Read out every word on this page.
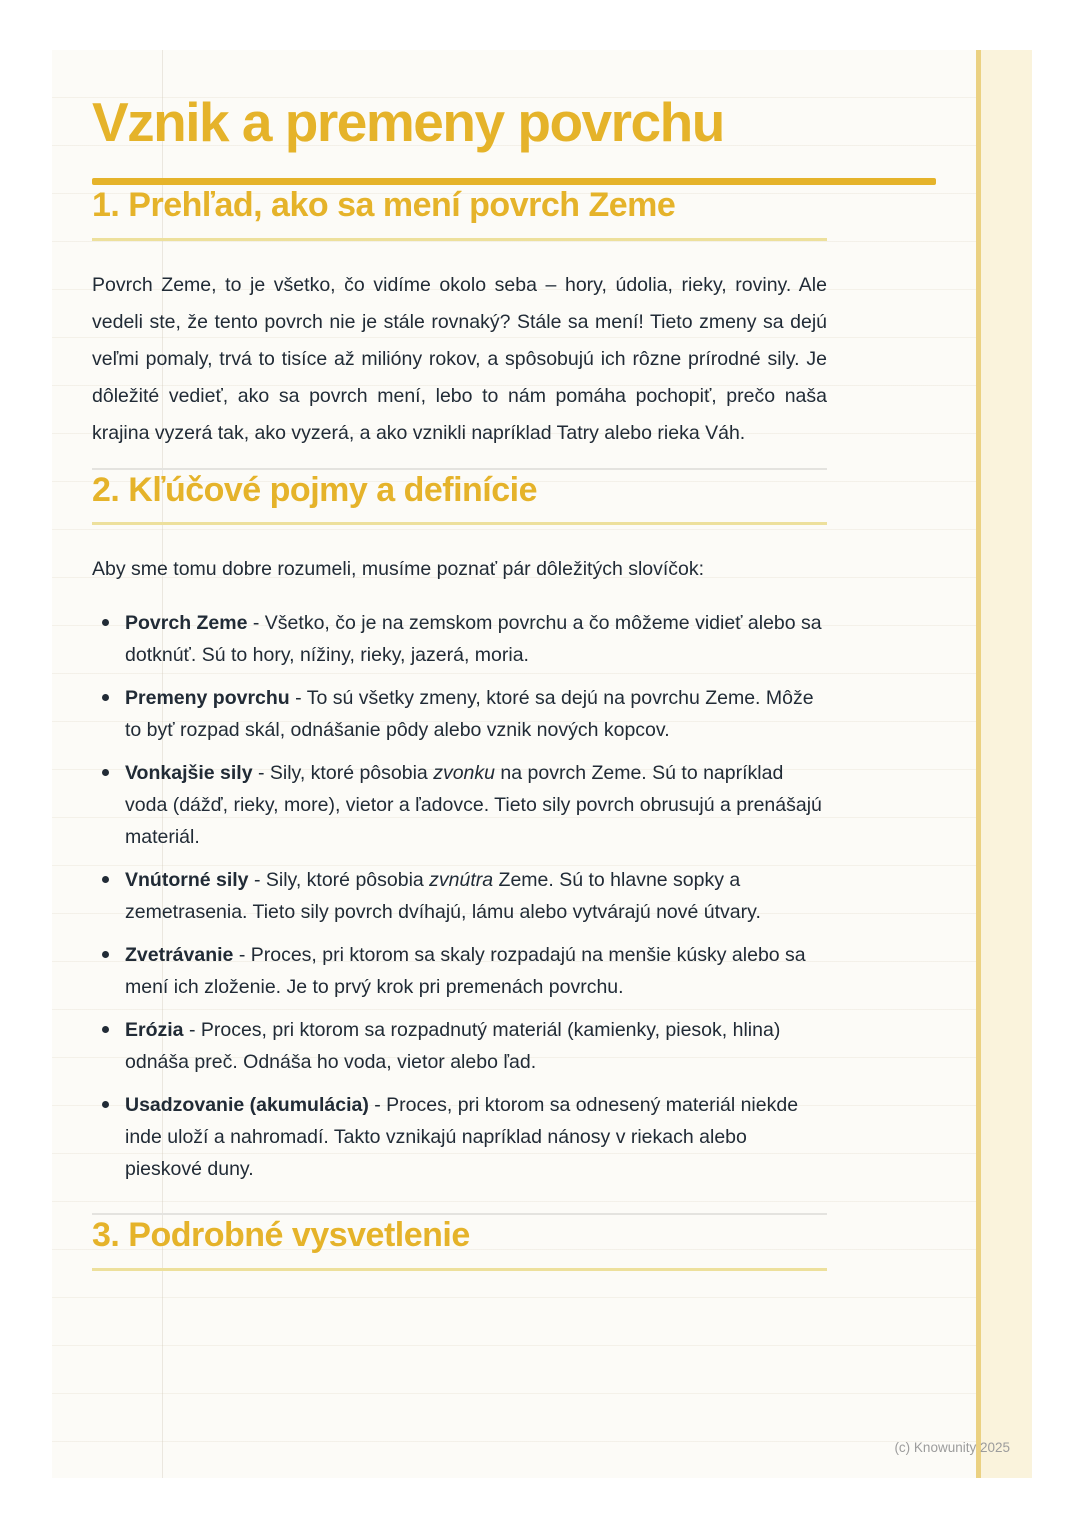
Vznik a premeny povrchu
1. Prehľad, ako sa mení povrch Zeme

Povrch Zeme, to je všetko, čo vidíme okolo seba – hory, údolia, rieky, roviny. Ale vedeli ste, že tento povrch nie je stále rovnaký? Stále sa mení! Tieto zmeny sa dejú veľmi pomaly, trvá to tisíce až milióny rokov, a spôsobujú ich rôzne prírodné sily. Je dôležité vedieť, ako sa povrch mení, lebo to nám pomáha pochopiť, prečo naša krajina vyzerá tak, ako vyzerá, a ako vznikli napríklad Tatry alebo rieka Váh.

2. Kľúčové pojmy a definície

Aby sme tomu dobre rozumeli, musíme poznať pár dôležitých slovíčok:

Povrch Zeme - Všetko, čo je na zemskom povrchu a čo môžeme vidieť alebo sa dotknúť. Sú to hory, nížiny, rieky, jazerá, moria.
Premeny povrchu - To sú všetky zmeny, ktoré sa dejú na povrchu Zeme. Môže to byť rozpad skál, odnášanie pôdy alebo vznik nových kopcov.
Vonkajšie sily - Sily, ktoré pôsobia zvonku na povrch Zeme. Sú to napríklad voda (dážď, rieky, more), vietor a ľadovce. Tieto sily povrch obrusujú a prenášajú materiál.
Vnútorné sily - Sily, ktoré pôsobia zvnútra Zeme. Sú to hlavne sopky a zemetrasenia. Tieto sily povrch dvíhajú, lámu alebo vytvárajú nové útvary.
Zvetrávanie - Proces, pri ktorom sa skaly rozpadajú na menšie kúsky alebo sa mení ich zloženie. Je to prvý krok pri premenách povrchu.
Erózia - Proces, pri ktorom sa rozpadnutý materiál (kamienky, piesok, hlina) odnáša preč. Odnáša ho voda, vietor alebo ľad.
Usadzovanie (akumulácia) - Proces, pri ktorom sa odnesený materiál niekde inde uloží a nahromadí. Takto vznikajú napríklad nánosy v riekach alebo pieskové duny.
3. Podrobné vysvetlenie
(c) Knowunity 2025
